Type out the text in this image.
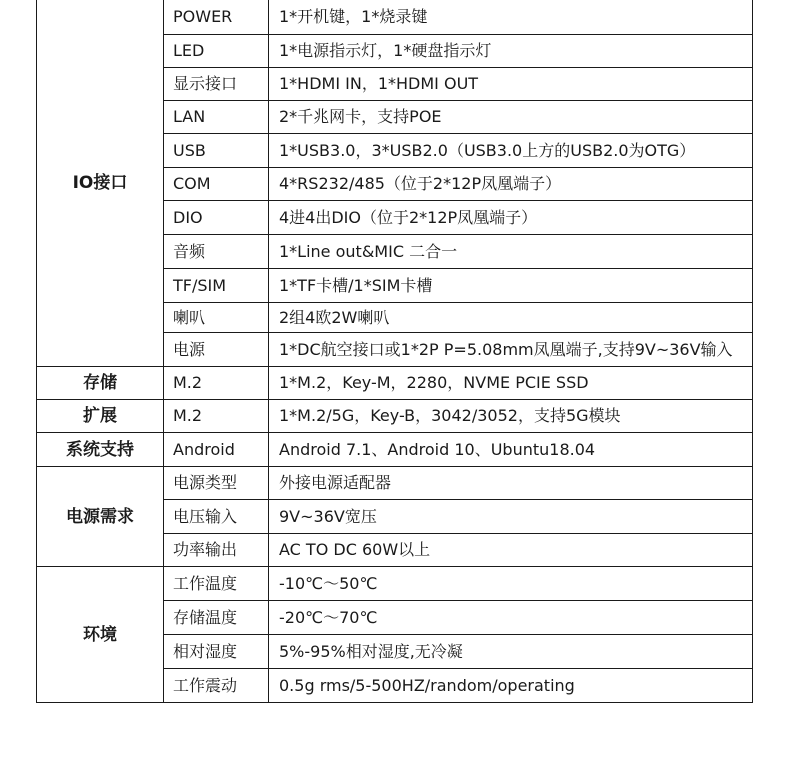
IO接口	POWER	1*开机键，1*烧录键
	LED	1*电源指示灯，1*硬盘指示灯
	显示接口	1*HDMI IN，1*HDMI OUT
	LAN	2*千兆网卡，支持POE
	USB	1*USB3.0，3*USB2.0（USB3.0上方的USB2.0为OTG）
	COM	4*RS232/485（位于2*12P凤凰端子）
	DIO	4进4出DIO（位于2*12P凤凰端子）
	音频	1*Line out&MIC 二合一
	TF/SIM	1*TF卡槽/1*SIM卡槽
	喇叭	2组4欧2W喇叭
	电源	1*DC航空接口或1*2P P=5.08mm凤凰端子,支持9V~36V输入
存储	M.2	1*M.2，Key-M，2280，NVME PCIE SSD
扩展	M.2	1*M.2/5G，Key-B，3042/3052，支持5G模块
系统支持	Android	Android 7.1、Android 10、Ubuntu18.04
电源需求	电源类型	外接电源适配器
	电压输入	9V~36V宽压
	功率输出	AC TO DC 60W以上
环境	工作温度	-10℃～50℃
	存储温度	-20℃～70℃
	相对湿度	5%-95%相对湿度,无冷凝
	工作震动	0.5g rms/5-500HZ/random/operating
